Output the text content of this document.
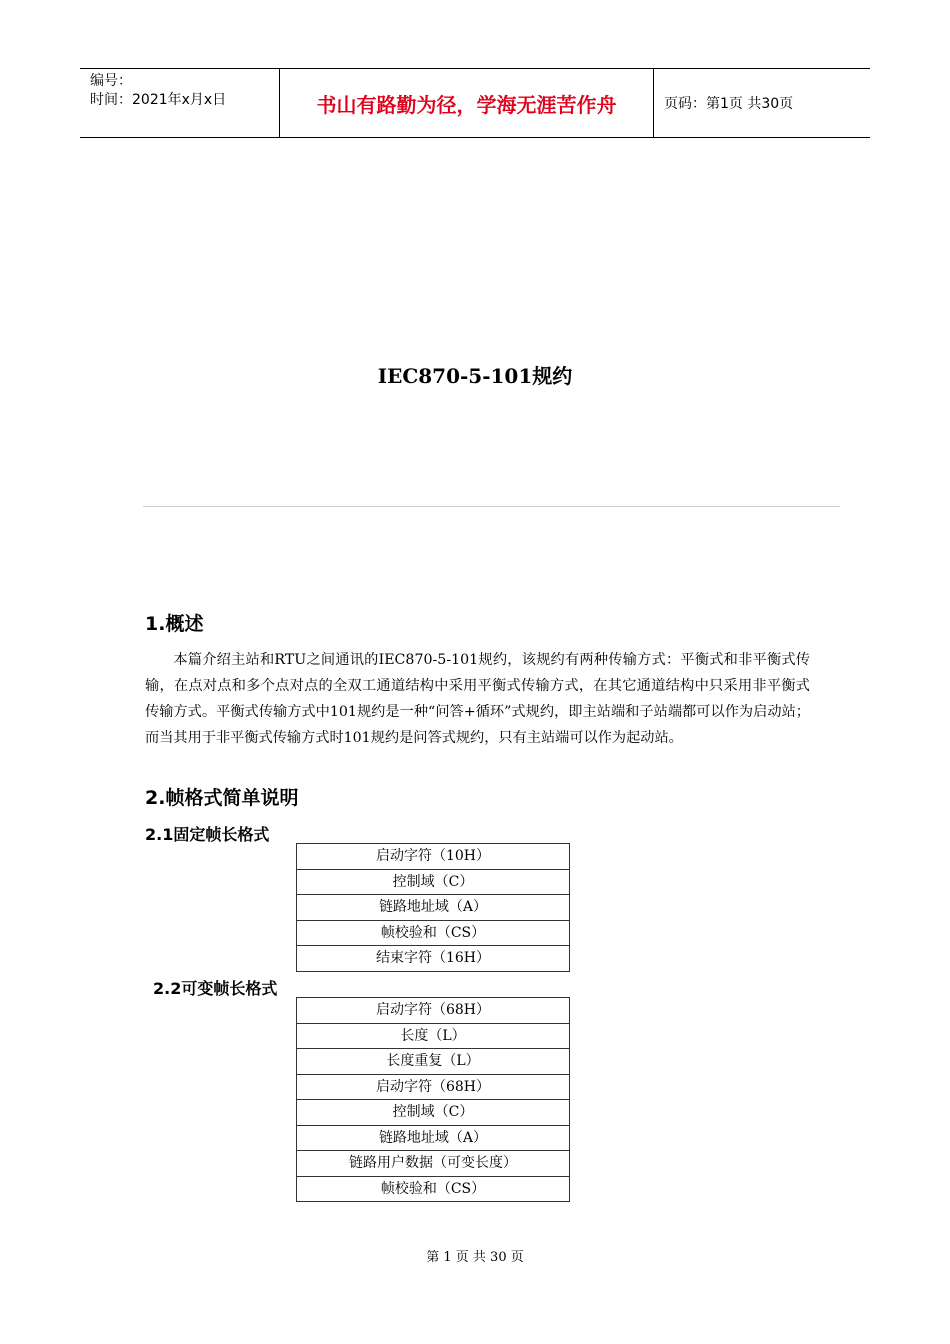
编号：
时间：2021年x月x日	书山有路勤为径，学海无涯苦作舟	页码：第1页 共30页
IEC870-5-101规约
1.概述

本篇介绍主站和RTU之间通讯的IEC870-5-101规约，该规约有两种传输方式：平衡式和非平衡式传输，在点对点和多个点对点的全双工通道结构中采用平衡式传输方式，在其它通道结构中只采用非平衡式传输方式。平衡式传输方式中101规约是一种“问答+循环”式规约，即主站端和子站端都可以作为启动站；而当其用于非平衡式传输方式时101规约是问答式规约，只有主站端可以作为起动站。

2.帧格式简单说明
2.1固定帧长格式
启动字符（10H）
控制域（C）
链路地址域（A）
帧校验和（CS）
结束字符（16H）
2.2可变帧长格式
启动字符（68H）
长度（L）
长度重复（L）
启动字符（68H）
控制域（C）
链路地址域（A）
链路用户数据（可变长度）
帧校验和（CS）
第 1 页 共 30 页
